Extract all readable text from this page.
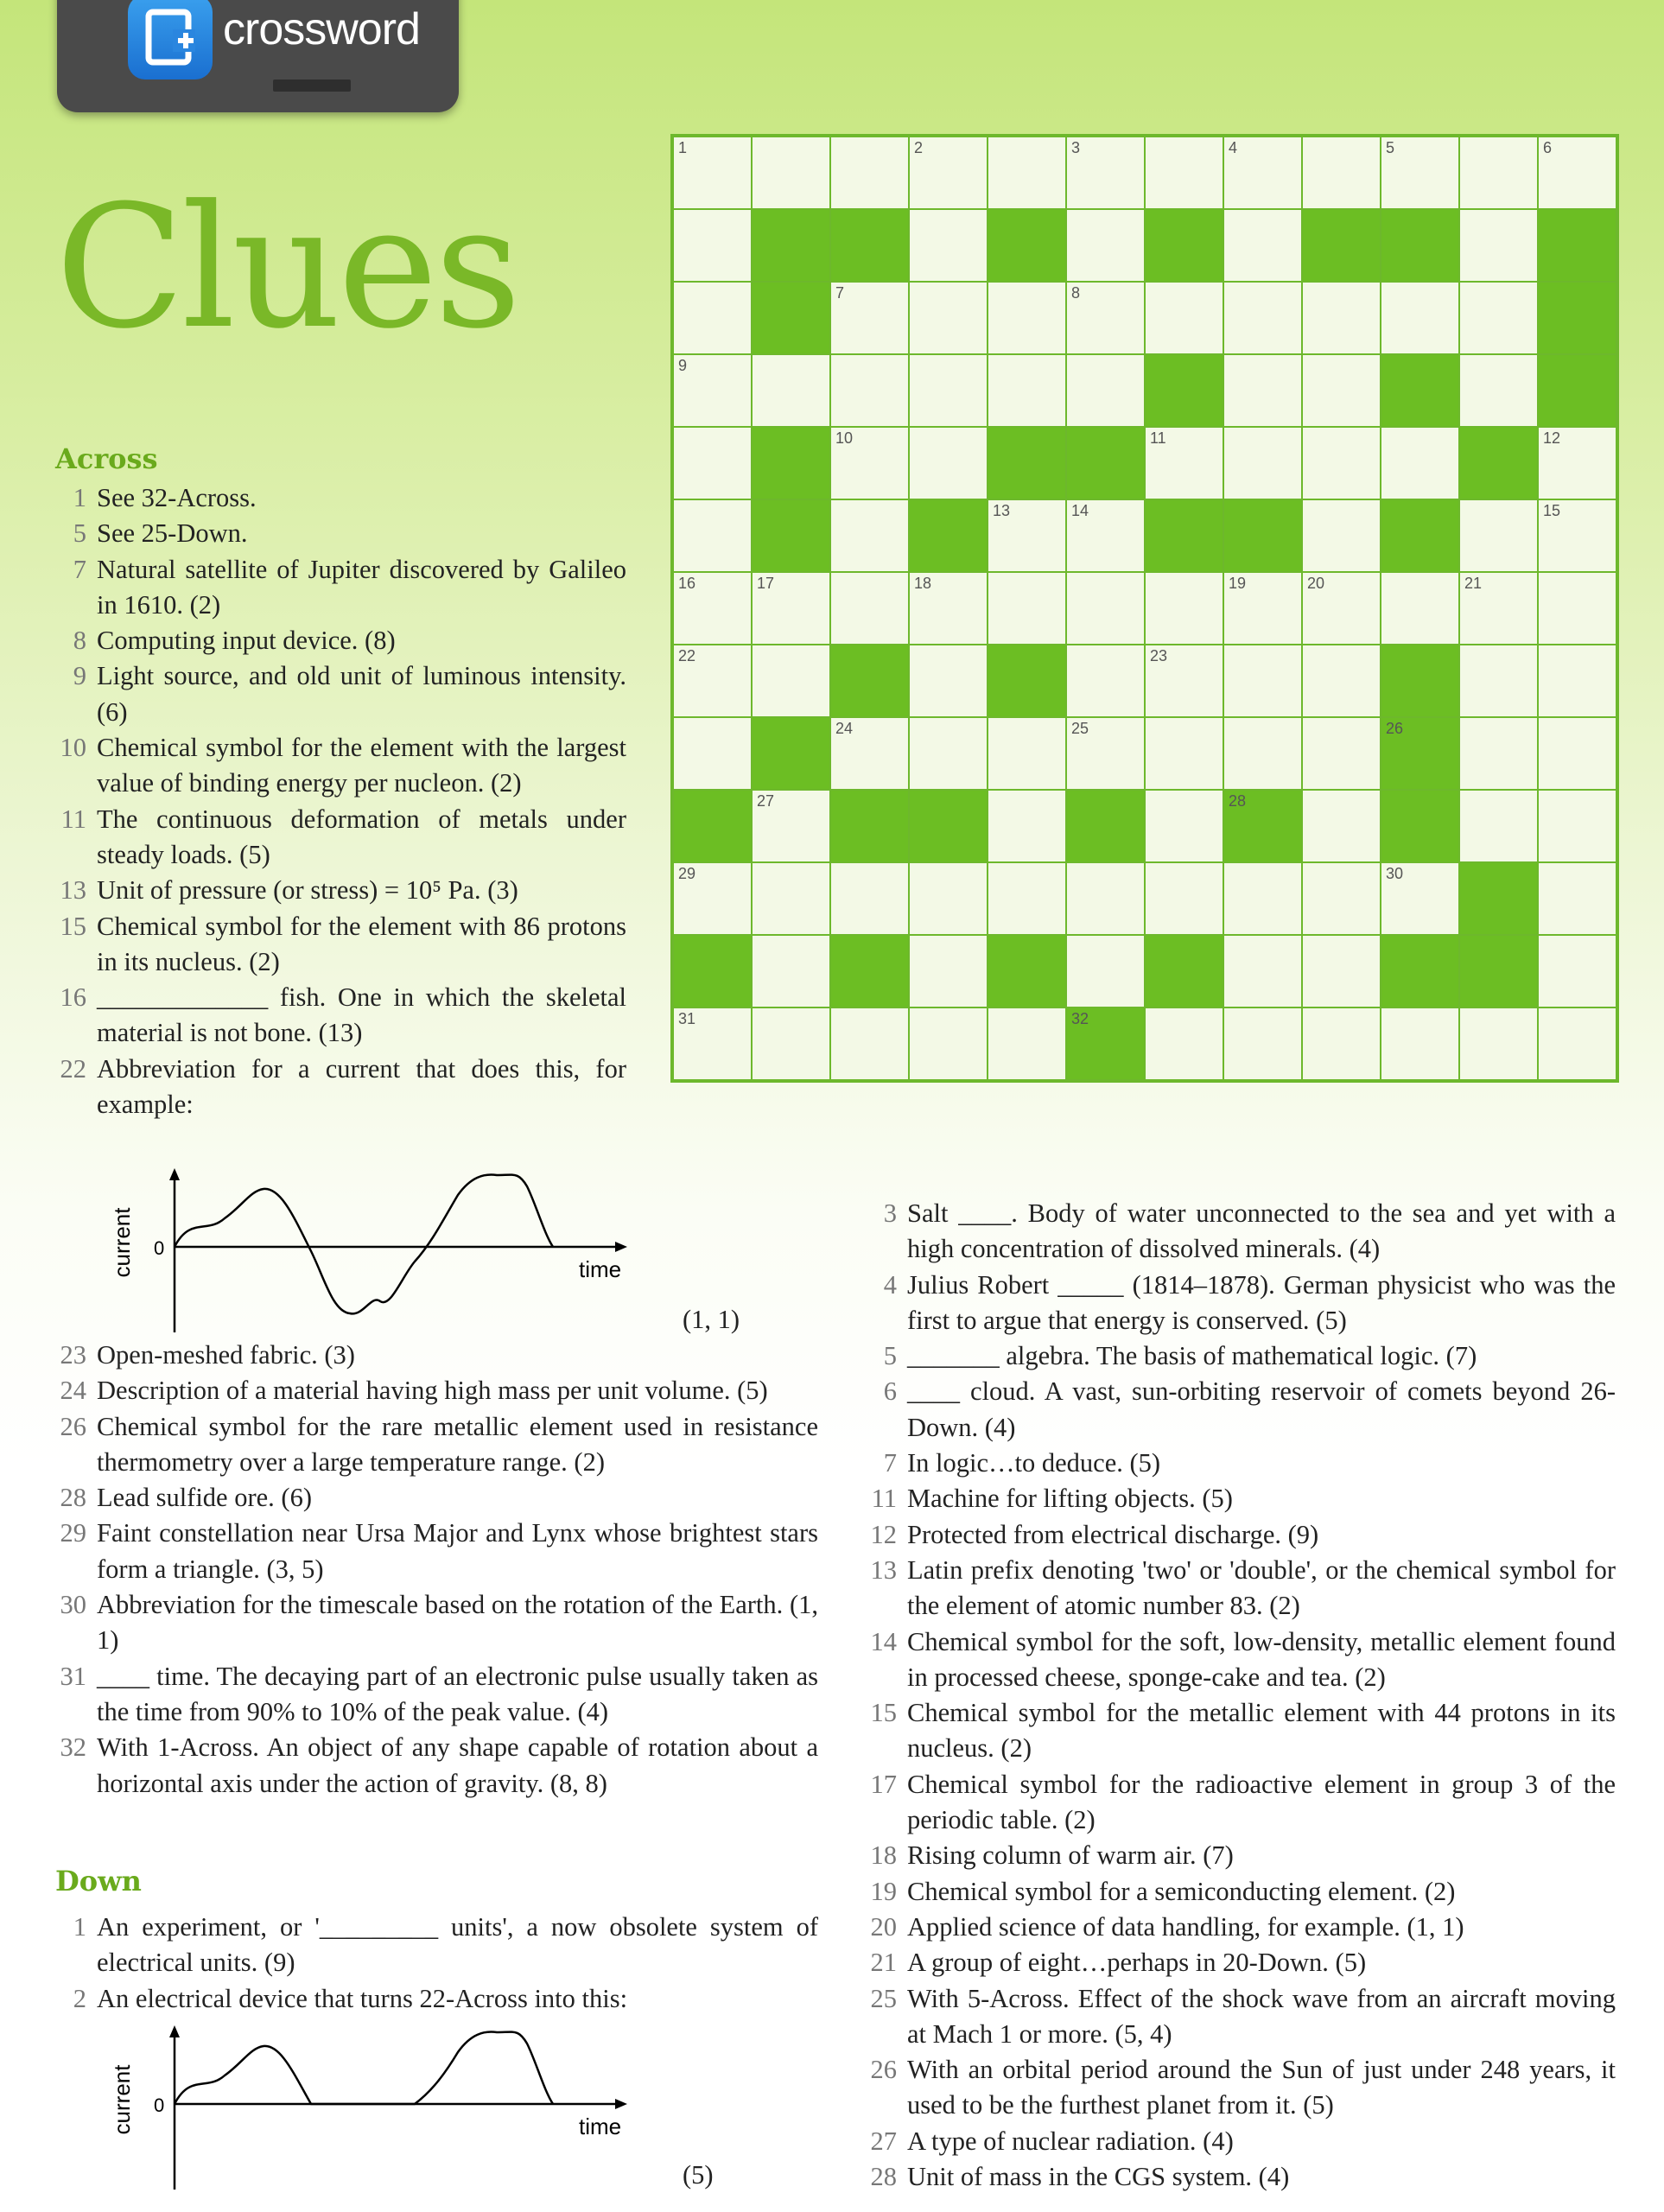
crossword
Clues
Across
1 See 32-Across.
5 See 25-Down.
7 Natural satellite of Jupiter discovered by Galileo in 1610. (2)
8 Computing input device. (8)
9 Light source, and old unit of luminous intensity. (6)
10 Chemical symbol for the element with the largest value of binding energy per nucleon. (2)
11 The continuous deformation of metals under steady loads. (5)
13 Unit of pressure (or stress) = 10⁵ Pa. (3)
15 Chemical symbol for the element with 86 protons in its nucleus. (2)
16 _____________ fish. One in which the skeletal material is not bone. (13)
22 Abbreviation for a current that does this, for example:
0
time
current
(1, 1)
23 Open-meshed fabric. (3)
24 Description of a material having high mass per unit volume. (5)
26 Chemical symbol for the rare metallic element used in resistance thermometry over a large temperature range. (2)
28 Lead sulfide ore. (6)
29 Faint constellation near Ursa Major and Lynx whose brightest stars form a triangle. (3, 5)
30 Abbreviation for the timescale based on the rotation of the Earth. (1, 1)
31 ____ time. The decaying part of an electronic pulse usually taken as the time from 90% to 10% of the peak value. (4)
32 With 1-Across. An object of any shape capable of rotation about a horizontal axis under the action of gravity. (8, 8)
Down
1 An experiment, or '_________ units', a now obsolete system of electrical units. (9)
2 An electrical device that turns 22-Across into this:
0
time
current
(5)
3 Salt ____. Body of water unconnected to the sea and yet with a high concentration of dissolved minerals. (4)
4 Julius Robert _____ (1814–1878). German physicist who was the first to argue that energy is conserved. (5)
5 _______ algebra. The basis of mathematical logic. (7)
6 ____ cloud. A vast, sun-orbiting reservoir of comets beyond 26-Down. (4)
7 In logic…to deduce. (5)
11 Machine for lifting objects. (5)
12 Protected from electrical discharge. (9)
13 Latin prefix denoting 'two' or 'double', or the chemical symbol for the element of atomic number 83. (2)
14 Chemical symbol for the soft, low-density, metallic element found in processed cheese, sponge-cake and tea. (2)
15 Chemical symbol for the metallic element with 44 protons in its nucleus. (2)
17 Chemical symbol for the radioactive element in group 3 of the periodic table. (2)
18 Rising column of warm air. (7)
19 Chemical symbol for a semiconducting element. (2)
20 Applied science of data handling, for example. (1, 1)
21 A group of eight…perhaps in 20-Down. (5)
25 With 5-Across. Effect of the shock wave from an aircraft moving at Mach 1 or more. (5, 4)
26 With an orbital period around the Sun of just under 248 years, it used to be the furthest planet from it. (5)
27 A type of nuclear radiation. (4)
28 Unit of mass in the CGS system. (4)
1	2	3	4	5	6
7	8
9
10	11	12
13	14	15
16	17	18	19	20	21
22	23
24	25	26
27	28
29	30
31	32
